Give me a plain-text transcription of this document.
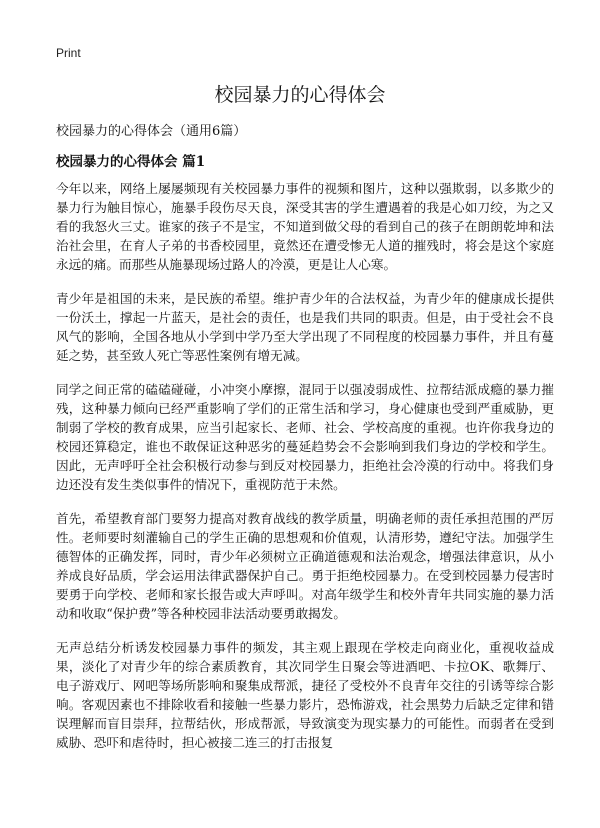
Print
校园暴力的心得体会

校园暴力的心得体会（通用6篇）

校园暴力的心得体会 篇1

今年以来，网络上屡屡频现有关校园暴力事件的视频和图片，这种以强欺弱，以多欺少的暴力行为触目惊心，施暴手段伤尽天良，深受其害的学生遭遇着的我是心如刀绞，为之又看的我怒火三丈。谁家的孩子不是宝，不知道到做父母的看到自己的孩子在朗朗乾坤和法治社会里，在育人子弟的书香校园里，竟然还在遭受惨无人道的摧残时，将会是这个家庭永远的痛。而那些从施暴现场过路人的冷漠，更是让人心寒。

青少年是祖国的未来，是民族的希望。维护青少年的合法权益，为青少年的健康成长提供一份沃土，撑起一片蓝天，是社会的责任，也是我们共同的职责。但是，由于受社会不良风气的影响，全国各地从小学到中学乃至大学出现了不同程度的校园暴力事件，并且有蔓延之势，甚至致人死亡等恶性案例有增无减。

同学之间正常的磕磕碰碰，小冲突小摩擦，混同于以强凌弱成性、拉帮结派成瘾的暴力摧残，这种暴力倾向已经严重影响了学们的正常生活和学习，身心健康也受到严重威胁，更制弱了学校的教育成果，应当引起家长、老师、社会、学校高度的重视。也许你我身边的校园还算稳定，谁也不敢保证这种恶劣的蔓延趋势会不会影响到我们身边的学校和学生。因此，无声呼吁全社会积极行动参与到反对校园暴力，拒绝社会冷漠的行动中。将我们身边还没有发生类似事件的情况下，重视防范于未然。

首先，希望教育部门要努力提高对教育战线的教学质量，明确老师的责任承担范围的严厉性。老师要时刻灌输自己的学生正确的思想观和价值观，认清形势，遵纪守法。加强学生德智体的正确发挥，同时，青少年必须树立正确道德观和法治观念，增强法律意识，从小养成良好品质，学会运用法律武器保护自己。勇于拒绝校园暴力。在受到校园暴力侵害时要勇于向学校、老师和家长报告或大声呼叫。对高年级学生和校外青年共同实施的暴力活动和收取“保护费”等各种校园非法活动要勇敢揭发。

无声总结分析诱发校园暴力事件的频发，其主观上跟现在学校走向商业化，重视收益成果，淡化了对青少年的综合素质教育，其次同学生日聚会等进酒吧、卡拉OK、歌舞厅、电子游戏厅、网吧等场所影响和聚集成帮派，捷径了受校外不良青年交往的引诱等综合影响。客观因素也不排除收看和接触一些暴力影片，恐怖游戏，社会黑势力后缺乏定律和错误理解而盲目崇拜，拉帮结伙，形成帮派，导致演变为现实暴力的可能性。而弱者在受到威胁、恐吓和虐待时，担心被接二连三的打击报复
